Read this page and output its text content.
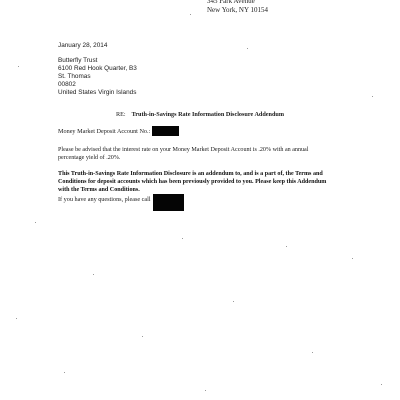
345 Park Avenue
New York, NY 10154
January 28, 2014
Butterfly Trust
6100 Red Hook Quarter, B3
St. Thomas
00802
United States Virgin Islands
RE: Truth-in-Savings Rate Information Disclosure Addendum
Money Market Deposit Account No.:
Please be advised that the interest rate on your Money Market Deposit Account is .20% with an annual
percentage yield of .20%.
This Truth-in-Savings Rate Information Disclosure is an addendum to, and is a part of, the Terms and
Conditions for deposit accounts which has been previously provided to you. Please keep this Addendum
with the Terms and Conditions.
If you have any questions, please call
